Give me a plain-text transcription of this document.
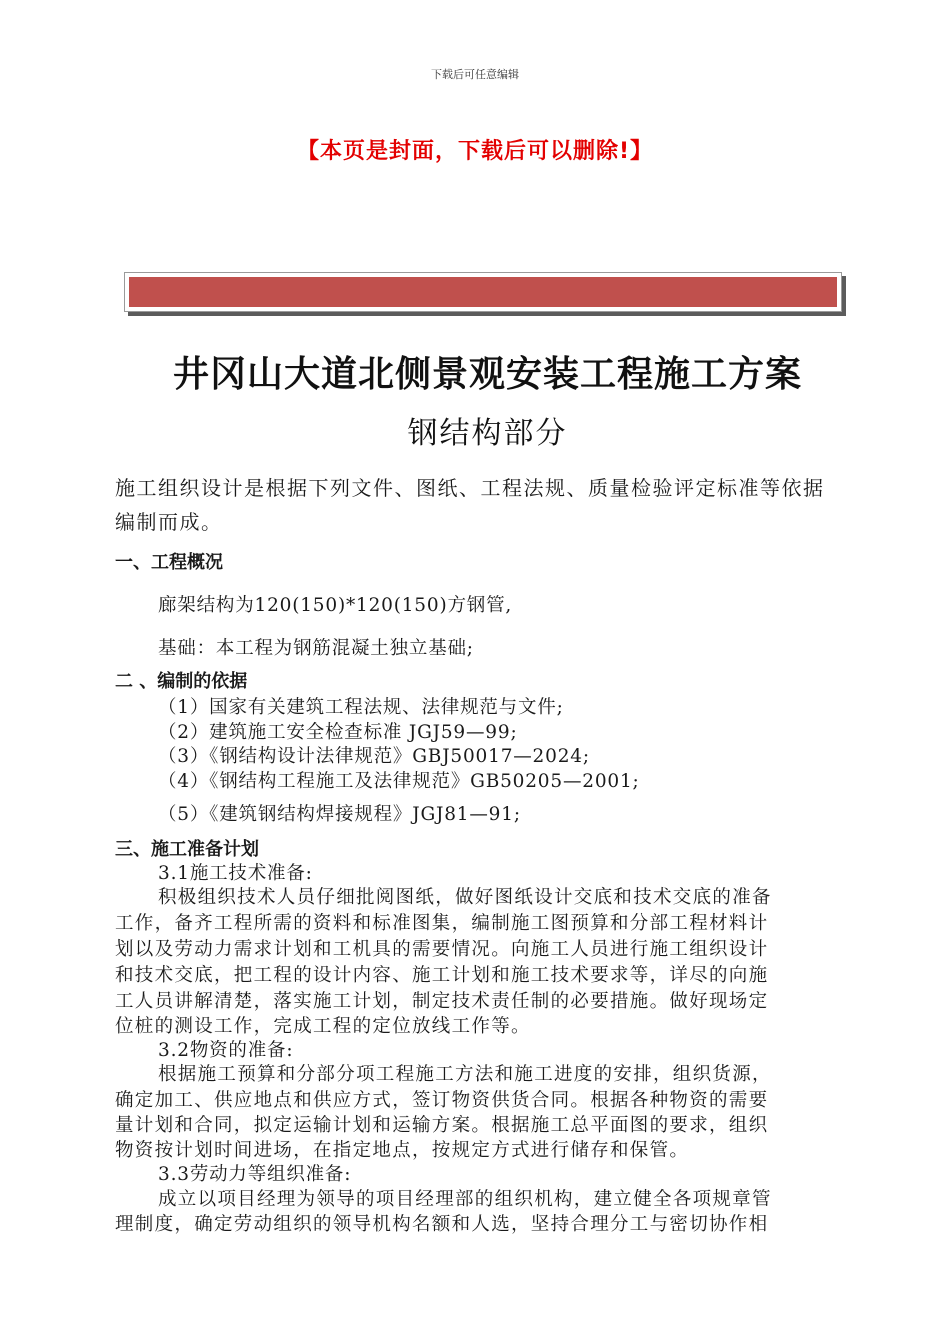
下载后可任意编辑
【本页是封面，下载后可以删除!】
井冈山大道北侧景观安装工程施工方案
钢结构部分
施工组织设计是根据下列文件、图纸、工程法规、质量检验评定标准等依据
编制而成。
一、工程概况
廊架结构为120(150)*120(150)方钢管,
基础：本工程为钢筋混凝土独立基础;
二 、编制的依据
（1）国家有关建筑工程法规、法律规范与文件;
（2）建筑施工安全检查标准 JGJ59—99;
（3）《钢结构设计法律规范》GBJ50017—2024;
（4）《钢结构工程施工及法律规范》GB50205—2001;
（5）《建筑钢结构焊接规程》JGJ81—91;
三、施工准备计划
3.1施工技术准备:
积极组织技术人员仔细批阅图纸，做好图纸设计交底和技术交底的准备
工作，备齐工程所需的资料和标准图集，编制施工图预算和分部工程材料计
划以及劳动力需求计划和工机具的需要情况。向施工人员进行施工组织设计
和技术交底，把工程的设计内容、施工计划和施工技术要求等，详尽的向施
工人员讲解清楚，落实施工计划，制定技术责任制的必要措施。做好现场定
位桩的测设工作，完成工程的定位放线工作等。
3.2物资的准备:
根据施工预算和分部分项工程施工方法和施工进度的安排，组织货源，
确定加工、供应地点和供应方式，签订物资供货合同。根据各种物资的需要
量计划和合同，拟定运输计划和运输方案。根据施工总平面图的要求，组织
物资按计划时间进场，在指定地点，按规定方式进行储存和保管。
3.3劳动力等组织准备:
成立以项目经理为领导的项目经理部的组织机构，建立健全各项规章管
理制度，确定劳动组织的领导机构名额和人选，坚持合理分工与密切协作相
